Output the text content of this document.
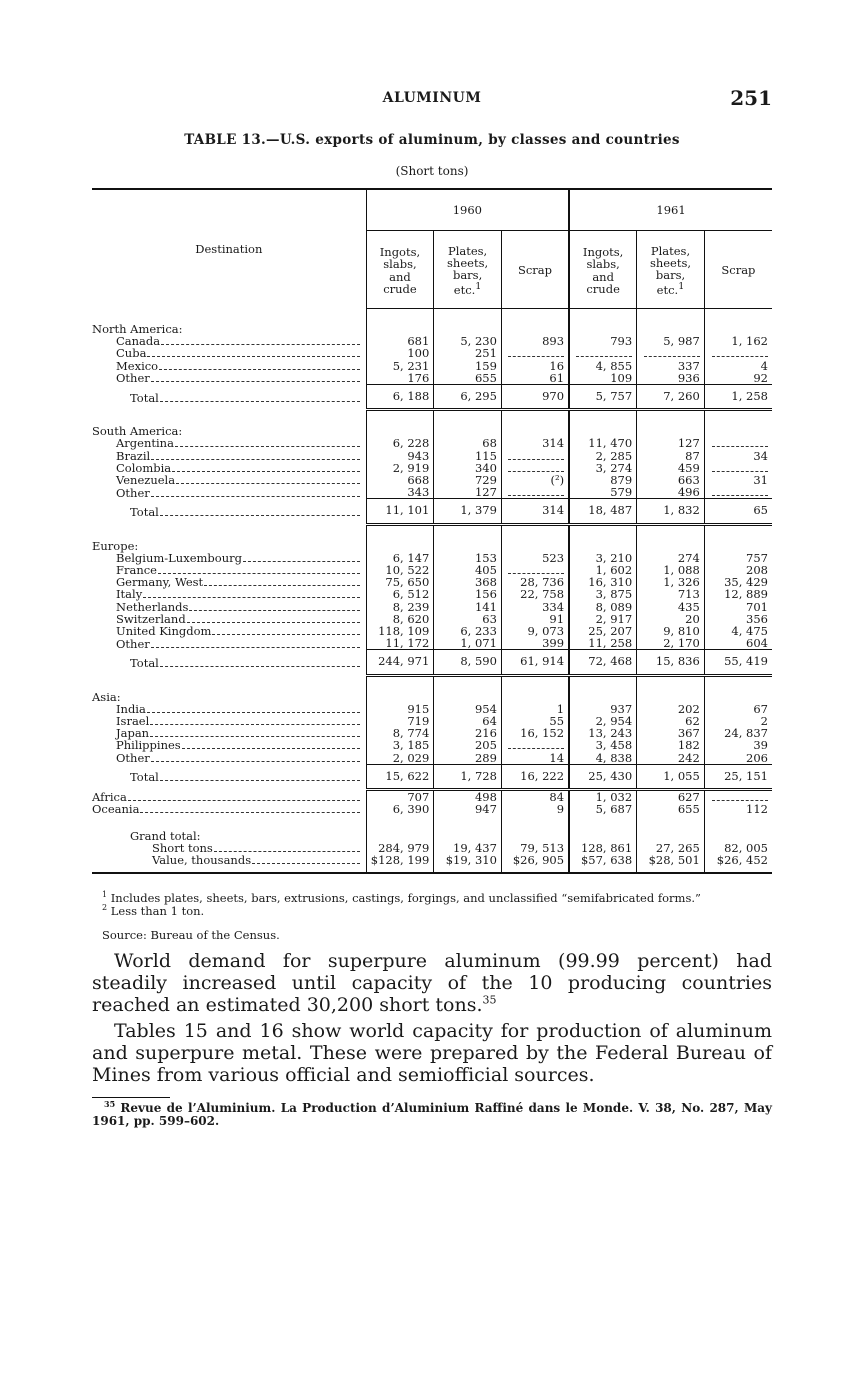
ALUMINUM	251
TABLE 13.—U.S. exports of aluminum, by classes and countries
(Short tons)
Destination	1960			1961		
	Ingots,
slabs,
and
crude	Plates,
sheets,
bars,
etc.$^1$	Scrap	Ingots,
slabs,
and
crude	Plates,
sheets,
bars,
etc.$^1$	Scrap

North America:						

Canada	681	5, 230	893	793	5, 987	1, 162

Cuba	100	251				

Mexico	5, 231	159	16	4, 855	337	4

Other	176	655	61	109	936	92

Total	6, 188	6, 295	970	5, 757	7, 260	1, 258

South America:						

Argentina	6, 228	68	314	11, 470	127	

Brazil	943	115		2, 285	87	34

Colombia	2, 919	340		3, 274	459	

Venezuela	668	729	(²)	879	663	31

Other	343	127		579	496	

Total	11, 101	1, 379	314	18, 487	1, 832	65

Europe:						

Belgium-Luxembourg	6, 147	153	523	3, 210	274	757

France	10, 522	405		1, 602	1, 088	208

Germany, West	75, 650	368	28, 736	16, 310	1, 326	35, 429

Italy	6, 512	156	22, 758	3, 875	713	12, 889

Netherlands	8, 239	141	334	8, 089	435	701

Switzerland	8, 620	63	91	2, 917	20	356

United Kingdom	118, 109	6, 233	9, 073	25, 207	9, 810	4, 475

Other	11, 172	1, 071	399	11, 258	2, 170	604

Total	244, 971	8, 590	61, 914	72, 468	15, 836	55, 419

Asia:						

India	915	954	1	937	202	67

Israel	719	64	55	2, 954	62	2

Japan	8, 774	216	16, 152	13, 243	367	24, 837

Philippines	3, 185	205		3, 458	182	39

Other	2, 029	289	14	4, 838	242	206

Total	15, 622	1, 728	16, 222	25, 430	1, 055	25, 151

Africa	707	498	84	1, 032	627	

Oceania	6, 390	947	9	5, 687	655	112

Grand total:						

Short tons	284, 979	19, 437	79, 513	128, 861	27, 265	82, 005

Value, thousands	$128, 199	$19, 310	$26, 905	$57, 638	$28, 501	$26, 452
$^1$ Includes plates, sheets, bars, extrusions, castings, forgings, and unclassified “semifabricated forms.”
$^2$ Less than 1 ton.
Source: Bureau of the Census.

World demand for superpure aluminum (99.99 percent) had steadily increased until capacity of the 10 producing countries reached an estimated 30,200 short tons.$^{35}$

Tables 15 and 16 show world capacity for production of aluminum and superpure metal. These were prepared by the Federal Bureau of Mines from various official and semiofficial sources.

$^{35}$ Revue de l’Aluminium. La Production d’Aluminium Raffiné dans le Monde. V. 38, No. 287, May 1961, pp. 599–602.
